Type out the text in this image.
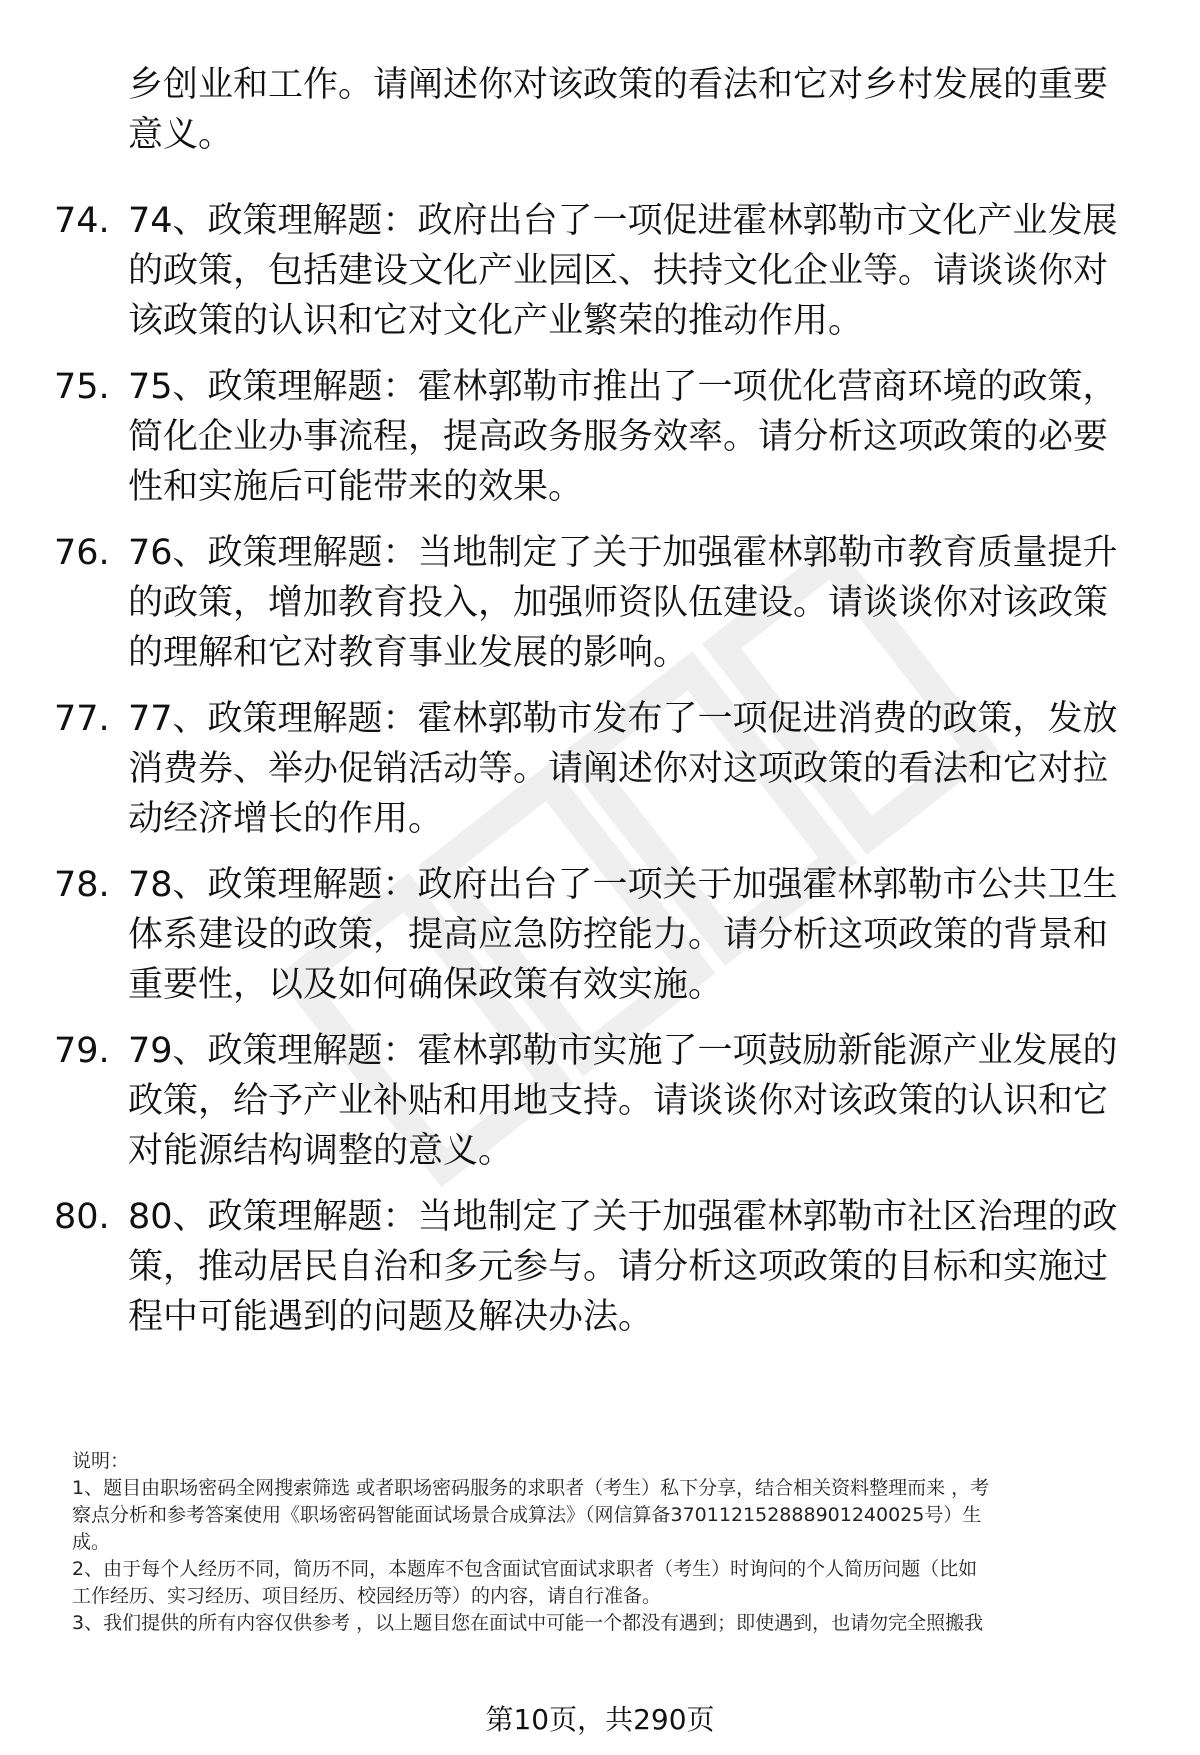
乡创业和工作。请阐述你对该政策的看法和它对乡村发展的重要
意义。
74. 74、政策理解题：政府出台了一项促进霍林郭勒市文化产业发展
的政策，包括建设文化产业园区、扶持文化企业等。请谈谈你对
该政策的认识和它对文化产业繁荣的推动作用。
75. 75、政策理解题：霍林郭勒市推出了一项优化营商环境的政策，
简化企业办事流程，提高政务服务效率。请分析这项政策的必要
性和实施后可能带来的效果。
76. 76、政策理解题：当地制定了关于加强霍林郭勒市教育质量提升
的政策，增加教育投入，加强师资队伍建设。请谈谈你对该政策
的理解和它对教育事业发展的影响。
77. 77、政策理解题：霍林郭勒市发布了一项促进消费的政策，发放
消费券、举办促销活动等。请阐述你对这项政策的看法和它对拉
动经济增长的作用。
78. 78、政策理解题：政府出台了一项关于加强霍林郭勒市公共卫生
体系建设的政策，提高应急防控能力。请分析这项政策的背景和
重要性，以及如何确保政策有效实施。
79. 79、政策理解题：霍林郭勒市实施了一项鼓励新能源产业发展的
政策，给予产业补贴和用地支持。请谈谈你对该政策的认识和它
对能源结构调整的意义。
80. 80、政策理解题：当地制定了关于加强霍林郭勒市社区治理的政
策，推动居民自治和多元参与。请分析这项政策的目标和实施过
程中可能遇到的问题及解决办法。
说明：
1、题目由职场密码全网搜索筛选 或者职场密码服务的求职者（考生）私下分享，结合相关资料整理而来 ，考
察点分析和参考答案使用《职场密码智能面试场景合成算法》（网信算备370112152888901240025号）生
成。
2、由于每个人经历不同，简历不同，本题库不包含面试官面试求职者（考生）时询问的个人简历问题（比如
工作经历、实习经历、项目经历、校园经历等）的内容，请自行准备。
3、我们提供的所有内容仅供参考 ，以上题目您在面试中可能一个都没有遇到；即使遇到，也请勿完全照搬我
第10页，共290页
